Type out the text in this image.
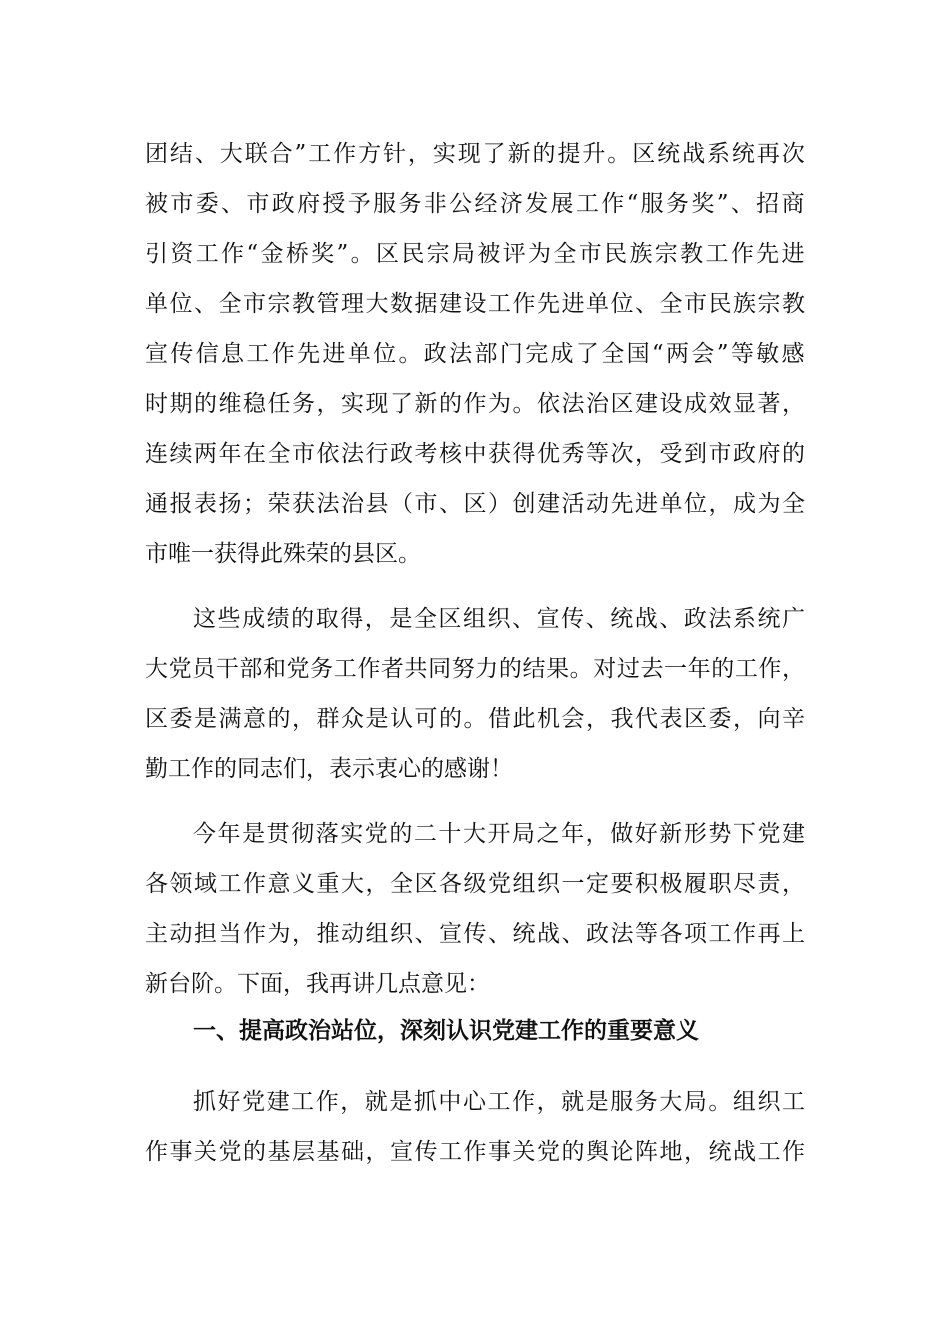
团结、大联合”工作方针，实现了新的提升。区统战系统再次
被市委、市政府授予服务非公经济发展工作“服务奖”、招商
引资工作“金桥奖”。区民宗局被评为全市民族宗教工作先进
单位、全市宗教管理大数据建设工作先进单位、全市民族宗教
宣传信息工作先进单位。政法部门完成了全国“两会”等敏感
时期的维稳任务，实现了新的作为。依法治区建设成效显著，
连续两年在全市依法行政考核中获得优秀等次，受到市政府的
通报表扬；荣获法治县（市、区）创建活动先进单位，成为全
市唯一获得此殊荣的县区。
这些成绩的取得，是全区组织、宣传、统战、政法系统广
大党员干部和党务工作者共同努力的结果。对过去一年的工作，
区委是满意的，群众是认可的。借此机会，我代表区委，向辛
勤工作的同志们，表示衷心的感谢！
今年是贯彻落实党的二十大开局之年，做好新形势下党建
各领域工作意义重大，全区各级党组织一定要积极履职尽责，
主动担当作为，推动组织、宣传、统战、政法等各项工作再上
新台阶。下面，我再讲几点意见：
抓好党建工作，就是抓中心工作，就是服务大局。组织工
作事关党的基层基础，宣传工作事关党的舆论阵地，统战工作
一、提高政治站位，深刻认识党建工作的重要意义
